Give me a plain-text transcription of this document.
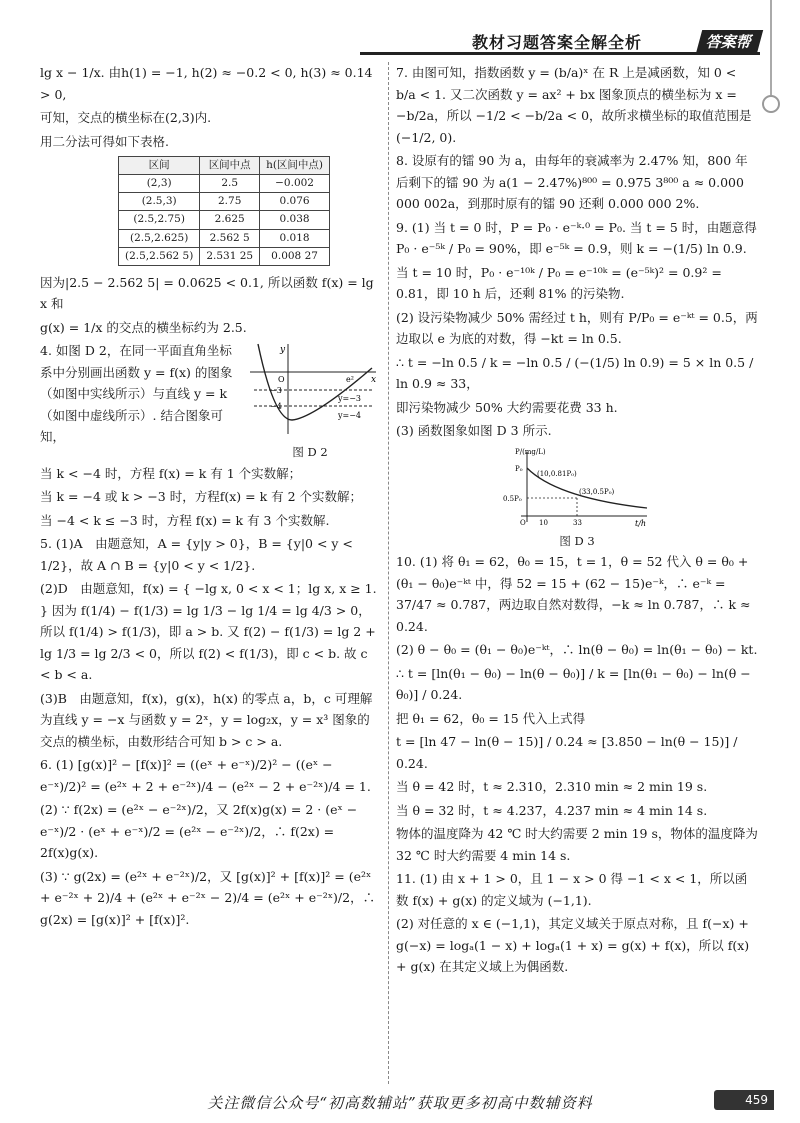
教材习题答案全解全析	答案帮

lg x − 1/x. 由h(1) = −1, h(2) ≈ −0.2 < 0, h(3) ≈ 0.14 > 0,

可知，交点的横坐标在(2,3)内.

用二分法可得如下表格.

区间	区间中点	h(区间中点)
(2,3)	2.5	−0.002
(2.5,3)	2.75	0.076
(2.5,2.75)	2.625	0.038
(2.5,2.625)	2.562 5	0.018
(2.5,2.562 5)	2.531 25	0.008 27

因为|2.5 − 2.562 5| = 0.0625 < 0.1, 所以函数 f(x) = lg x 和

g(x) = 1/x 的交点的横坐标约为 2.5.

4. 如图 D 2，在同一平面直角坐标系中分别画出函数 y = f(x) 的图象（如图中实线所示）与直线 y = k（如图中虚线所示）. 结合图象可知，

y
x
O	e²
−3
−4
y=−3
y=−4
图 D 2

当 k < −4 时，方程 f(x) = k 有 1 个实数解；

当 k = −4 或 k > −3 时，方程f(x) = k 有 2 个实数解；

当 −4 < k ≤ −3 时，方程 f(x) = k 有 3 个实数解.

5. (1)A　由题意知，A = {y|y > 0}，B = {y|0 < y < 1/2}，故 A ∩ B = {y|0 < y < 1/2}.

(2)D　由题意知，f(x) = { −lg x, 0 < x < 1；lg x, x ≥ 1. } 因为 f(1/4) − f(1/3) = lg 1/3 − lg 1/4 = lg 4/3 > 0，所以 f(1/4) > f(1/3)，即 a > b. 又 f(2) − f(1/3) = lg 2 + lg 1/3 = lg 2/3 < 0，所以 f(2) < f(1/3)，即 c < b. 故 c < b < a.

(3)B　由题意知，f(x)，g(x)，h(x) 的零点 a，b，c 可理解为直线 y = −x 与函数 y = 2ˣ，y = log₂x，y = x³ 图象的交点的横坐标，由数形结合可知 b > c > a.

6. (1) [g(x)]² − [f(x)]² = ((eˣ + e⁻ˣ)/2)² − ((eˣ − e⁻ˣ)/2)² = (e²ˣ + 2 + e⁻²ˣ)/4 − (e²ˣ − 2 + e⁻²ˣ)/4 = 1.

(2) ∵ f(2x) = (e²ˣ − e⁻²ˣ)/2，又 2f(x)g(x) = 2 · (eˣ − e⁻ˣ)/2 · (eˣ + e⁻ˣ)/2 = (e²ˣ − e⁻²ˣ)/2，∴ f(2x) = 2f(x)g(x).

(3) ∵ g(2x) = (e²ˣ + e⁻²ˣ)/2，又 [g(x)]² + [f(x)]² = (e²ˣ + e⁻²ˣ + 2)/4 + (e²ˣ + e⁻²ˣ − 2)/4 = (e²ˣ + e⁻²ˣ)/2，∴ g(2x) = [g(x)]² + [f(x)]².

7. 由图可知，指数函数 y = (b/a)ˣ 在 R 上是减函数，知 0 < b/a < 1. 又二次函数 y = ax² + bx 图象顶点的横坐标为 x = −b/2a，所以 −1/2 < −b/2a < 0，故所求横坐标的取值范围是 (−1/2, 0).

8. 设原有的镭 90 为 a，由每年的衰减率为 2.47% 知，800 年后剩下的镭 90 为 a(1 − 2.47%)⁸⁰⁰ = 0.975 3⁸⁰⁰ a ≈ 0.000 000 002a，到那时原有的镭 90 还剩 0.000 000 2%.

9. (1) 当 t = 0 时，P = P₀ · e⁻ᵏ·⁰ = P₀. 当 t = 5 时，由题意得 P₀ · e⁻⁵ᵏ / P₀ = 90%，即 e⁻⁵ᵏ = 0.9，则 k = −(1/5) ln 0.9.

当 t = 10 时，P₀ · e⁻¹⁰ᵏ / P₀ = e⁻¹⁰ᵏ = (e⁻⁵ᵏ)² = 0.9² = 0.81，即 10 h 后，还剩 81% 的污染物.

(2) 设污染物减少 50% 需经过 t h，则有 P/P₀ = e⁻ᵏᵗ = 0.5，两边取以 e 为底的对数，得 −kt = ln 0.5.

∴ t = −ln 0.5 / k = −ln 0.5 / (−(1/5) ln 0.9) = 5 × ln 0.5 / ln 0.9 ≈ 33，

即污染物减少 50% 大约需要花费 33 h.

(3) 函数图象如图 D 3 所示.

P/(mg/L)
t/h
P₀
(10,0.81P₀)
(33,0.5P₀)
0.5P₀
O 10	33
图 D 3

10. (1) 将 θ₁ = 62，θ₀ = 15，t = 1，θ = 52 代入 θ = θ₀ + (θ₁ − θ₀)e⁻ᵏᵗ 中，得 52 = 15 + (62 − 15)e⁻ᵏ，∴ e⁻ᵏ = 37/47 ≈ 0.787，两边取自然对数得，−k ≈ ln 0.787，∴ k ≈ 0.24.

(2) θ − θ₀ = (θ₁ − θ₀)e⁻ᵏᵗ，∴ ln(θ − θ₀) = ln(θ₁ − θ₀) − kt.

∴ t = [ln(θ₁ − θ₀) − ln(θ − θ₀)] / k = [ln(θ₁ − θ₀) − ln(θ − θ₀)] / 0.24.

把 θ₁ = 62，θ₀ = 15 代入上式得

t = [ln 47 − ln(θ − 15)] / 0.24 ≈ [3.850 − ln(θ − 15)] / 0.24.

当 θ = 42 时，t ≈ 2.310，2.310 min ≈ 2 min 19 s.

当 θ = 32 时，t ≈ 4.237，4.237 min ≈ 4 min 14 s.

物体的温度降为 42 ℃ 时大约需要 2 min 19 s，物体的温度降为 32 ℃ 时大约需要 4 min 14 s.

11. (1) 由 x + 1 > 0，且 1 − x > 0 得 −1 < x < 1，所以函数 f(x) + g(x) 的定义域为 (−1,1).

(2) 对任意的 x ∈ (−1,1)，其定义域关于原点对称，且 f(−x) + g(−x) = logₐ(1 − x) + logₐ(1 + x) = g(x) + f(x)，所以 f(x) + g(x) 在其定义域上为偶函数.

459
关注微信公众号“初高数辅站”获取更多初高中数辅资料
